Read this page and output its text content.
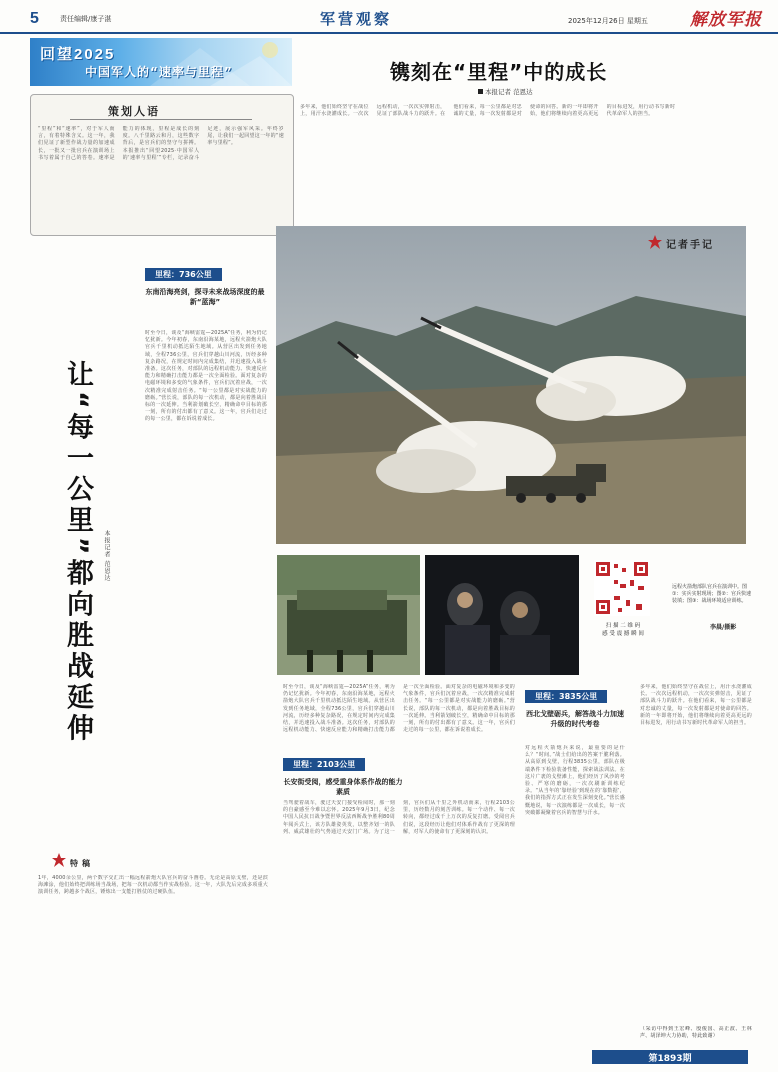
5	责任编辑/康子湛	军营观察	2025年12月26日 星期五 解放军报
回望2025
中国军人的“速率与里程”	镌刻在“里程”中的成长
本报记者 范恩达
策划人语
“里程”和“速率”，对于军人而言，有着特殊含义。这一年，我们见证了新型作战力量的加速成长，一批又一批官兵在演训场上书写着属于自己的答卷。速率是能力的体现，里程是成长的刻度。八千里路云和月，这些数字背后，是官兵们的坚守与拼搏。本报推出“回望2025·中国军人的‘速率与里程’”专栏，记录奋斗足迹，展示强军风采。年终岁尾，让我们一起回望这一年的“速率与里程”。
多年来，他们始终坚守在战位上，用汗水浇灌成长。一次次远程机动，一次次实弹射击，见证了部队战斗力的跃升。在他们看来，每一公里都是对忠诚的丈量，每一次发射都是对使命的回答。新的一年即将开始，他们将继续向着更高更远的目标进发，用行动书写新时代革命军人的担当。
里程：736公里
东南沿海亮剑，探寻未来战场深度的最新“蓝海”
让“每一公里”都向胜战延伸 本报记者 范恩达
时至今日，谈及“海峡雷霆—2025A”任务，利为仍记忆犹新。今年初春，东南沿海某地，远程火箭炮大队官兵千里机动抵达陌生地域。从营区出发到任务地域，全程736公里，官兵们穿越山川河流，历经多种复杂路况，在规定时间内完成集结，并迅速投入战斗准备。这次任务，对部队的远程机动能力、快速反应能力和精确打击能力都是一次全面检验。面对复杂的电磁环境和多变的气象条件，官兵们沉着应战，一次次精准完成射击任务。“每一公里都是对实战能力的磨砺。”营长说，部队的每一次机动，都是向着胜战目标的一次延伸。当利箭划破长空，精确命中目标的那一刻，所有的付出都有了意义。这一年，官兵们走过的每一公里，都在诉说着成长。
特稿
1年，4000余公里，两个数字交汇出一幅远程箭炮大队官兵的奋斗画卷。无论是高原戈壁，还是滨海滩涂，他们始终把训练场当战场，把每一次机动都当作实战检验。这一年，大队先后完成多项重大演训任务，跨越多个战区，锤炼出一支能打胜仗的过硬队伍。
扫 描 二 维 码
感 受 震 撼 瞬 间
远程火箭炮部队官兵在演训中。图①：实兵实射现场；图②：官兵快速装填；图③：战场环境适应训练。
李晨/摄影
记者手记
时至今日，谈及“海峡雷霆—2025A”任务，利为仍记忆犹新。今年初春，东南沿海某地，远程火箭炮大队官兵千里机动抵达陌生地域。从营区出发到任务地域，全程736公里，官兵们穿越山川河流，历经多种复杂路况，在规定时间内完成集结，并迅速投入战斗准备。这次任务，对部队的远程机动能力、快速反应能力和精确打击能力都是一次全面检验。面对复杂的电磁环境和多变的气象条件，官兵们沉着应战，一次次精准完成射击任务。“每一公里都是对实战能力的磨砺。”营长说，部队的每一次机动，都是向着胜战目标的一次延伸。当利箭划破长空，精确命中目标的那一刻，所有的付出都有了意义。这一年，官兵们走过的每一公里，都在诉说着成长。
里程：2103公里
长安街受阅，感受重身体系作战的能力素质
当驾驶着战车，驶过天安门接受检阅时，那一刻的自豪感至今难以忘怀。2025年9月3日，纪念中国人民抗日战争暨世界反法西斯战争胜利80周年阅兵式上，该方队雄姿英发，以整齐划一的队列、威武雄壮的气势通过天安门广场。为了这一刻，官兵们从千里之外机动而来，行程2103公里，历经数月的刻苦训练。每一个动作、每一次转向，都经过成千上万次的反复打磨。受阅官兵们说，这段经历让他们对体系作战有了更深的理解，对军人的使命有了更深刻的认识。
里程：3835公里
西北戈壁砺兵，解答战斗力加速升级的时代考卷
对远程火箭炮兵来说，最重要的是什么？“时间。”战士们给出的答案干脆利落。从高原到戈壁，行程3835公里，部队在极端条件下检验装备性能，探索战法训法。在这片广袤的戈壁滩上，他们经历了风沙的考验、严寒的磨砺，一次次刷新训练纪录。“从当年的‘靠经验’到现在的‘靠数据’，我们的指挥方式正在发生深刻变化。”营长感慨地说，每一次演练都是一次成长，每一次突破都凝聚着官兵的智慧与汗水。
多年来，他们始终坚守在战位上，用汗水浇灌成长。一次次远程机动，一次次实弹射击，见证了部队战斗力的跃升。在他们看来，每一公里都是对忠诚的丈量，每一次发射都是对使命的回答。新的一年即将开始，他们将继续向着更高更远的目标进发，用行动书写新时代革命军人的担当。
（采访中得到王宏峰、殷俊国、高正波、王林声、胡泽坤大力协助，特此致谢）
第1893期
